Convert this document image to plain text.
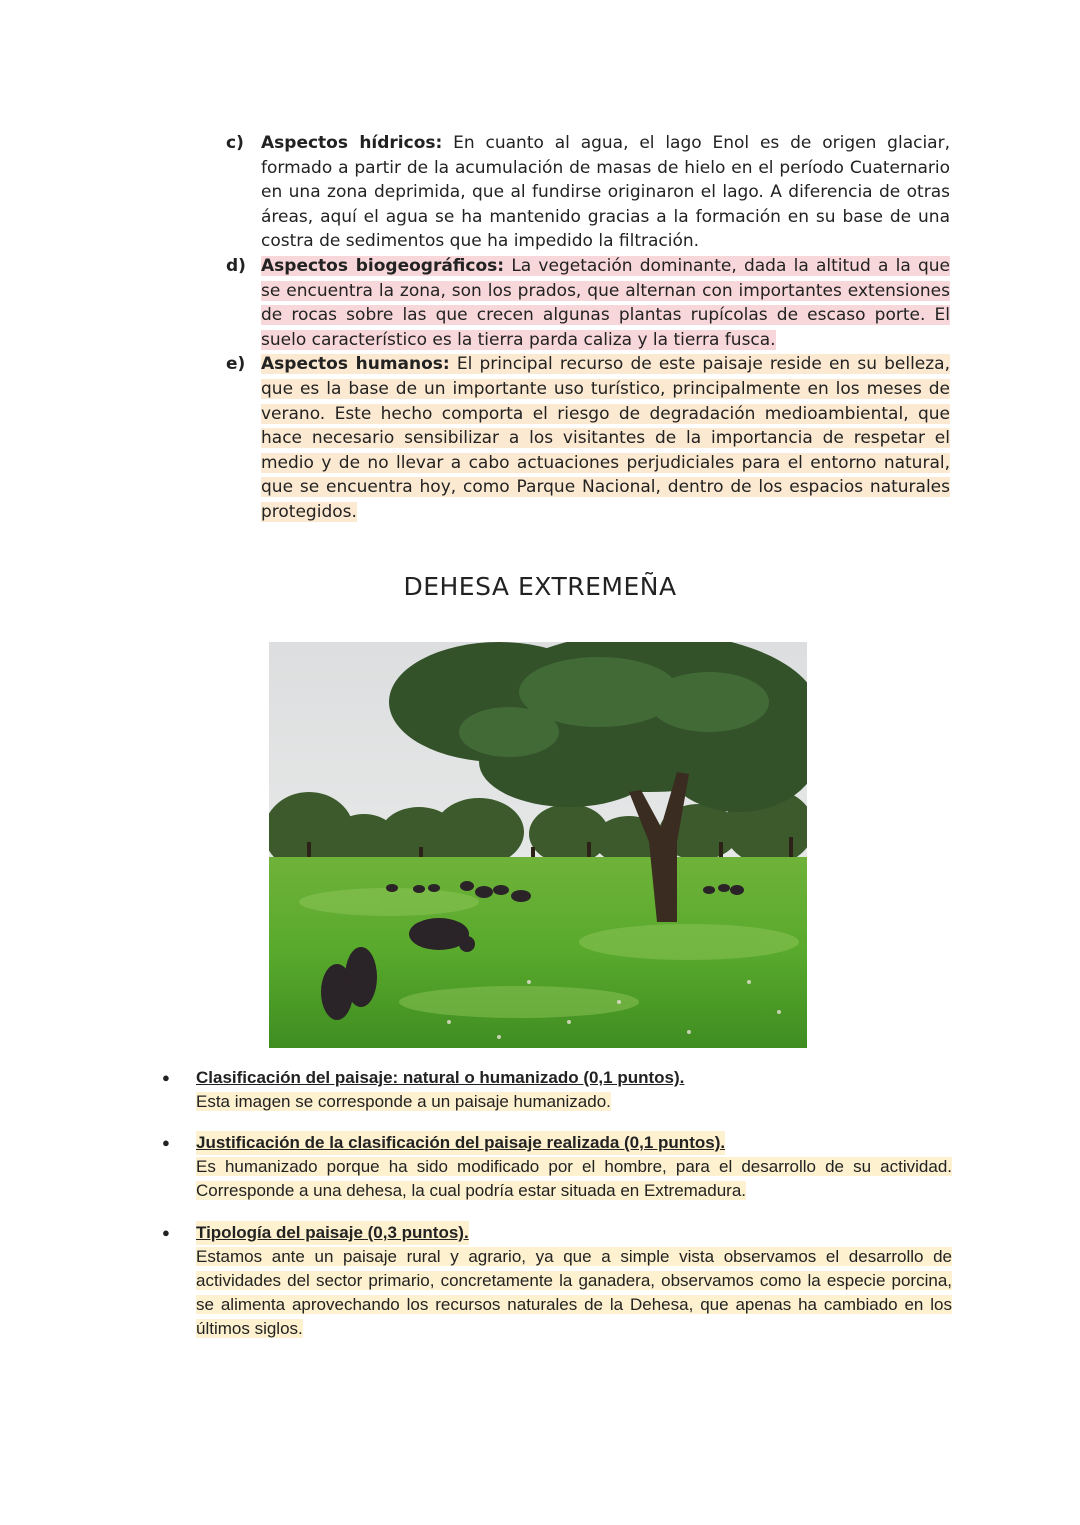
c)	Aspectos hídricos: En cuanto al agua, el lago Enol es de origen glaciar, formado a partir de la acumulación de masas de hielo en el período Cuaternario en una zona deprimida, que al fundirse originaron el lago. A diferencia de otras áreas, aquí el agua se ha mantenido gracias a la formación en su base de una costra de sedimentos que ha impedido la filtración.
d) Aspectos biogeográficos: La vegetación dominante, dada la altitud a la que se encuentra la zona, son los prados, que alternan con importantes extensiones de rocas sobre las que crecen algunas plantas rupícolas de escaso porte. El suelo característico es la tierra parda caliza y la tierra fusca.
e) Aspectos humanos: El principal recurso de este paisaje reside en su belleza, que es la base de un importante uso turístico, principalmente en los meses de verano. Este hecho comporta el riesgo de degradación medioambiental, que hace necesario sensibilizar a los visitantes de la importancia de respetar el medio y de no llevar a cabo actuaciones perjudiciales para el entorno natural, que se encuentra hoy, como Parque Nacional, dentro de los espacios naturales protegidos.
DEHESA EXTREMEÑA
●	Clasificación del paisaje: natural o humanizado (0,1 puntos).
Esta imagen se corresponde a un paisaje humanizado.
●	Justificación de la clasificación del paisaje realizada (0,1 puntos).
Es humanizado porque ha sido modificado por el hombre, para el desarrollo de su actividad. Corresponde a una dehesa, la cual podría estar situada en Extremadura.
●	Tipología del paisaje (0,3 puntos).
Estamos ante un paisaje rural y agrario, ya que a simple vista observamos el desarrollo de actividades del sector primario, concretamente la ganadera, observamos como la especie porcina, se alimenta aprovechando los recursos naturales de la Dehesa, que apenas ha cambiado en los últimos siglos.
